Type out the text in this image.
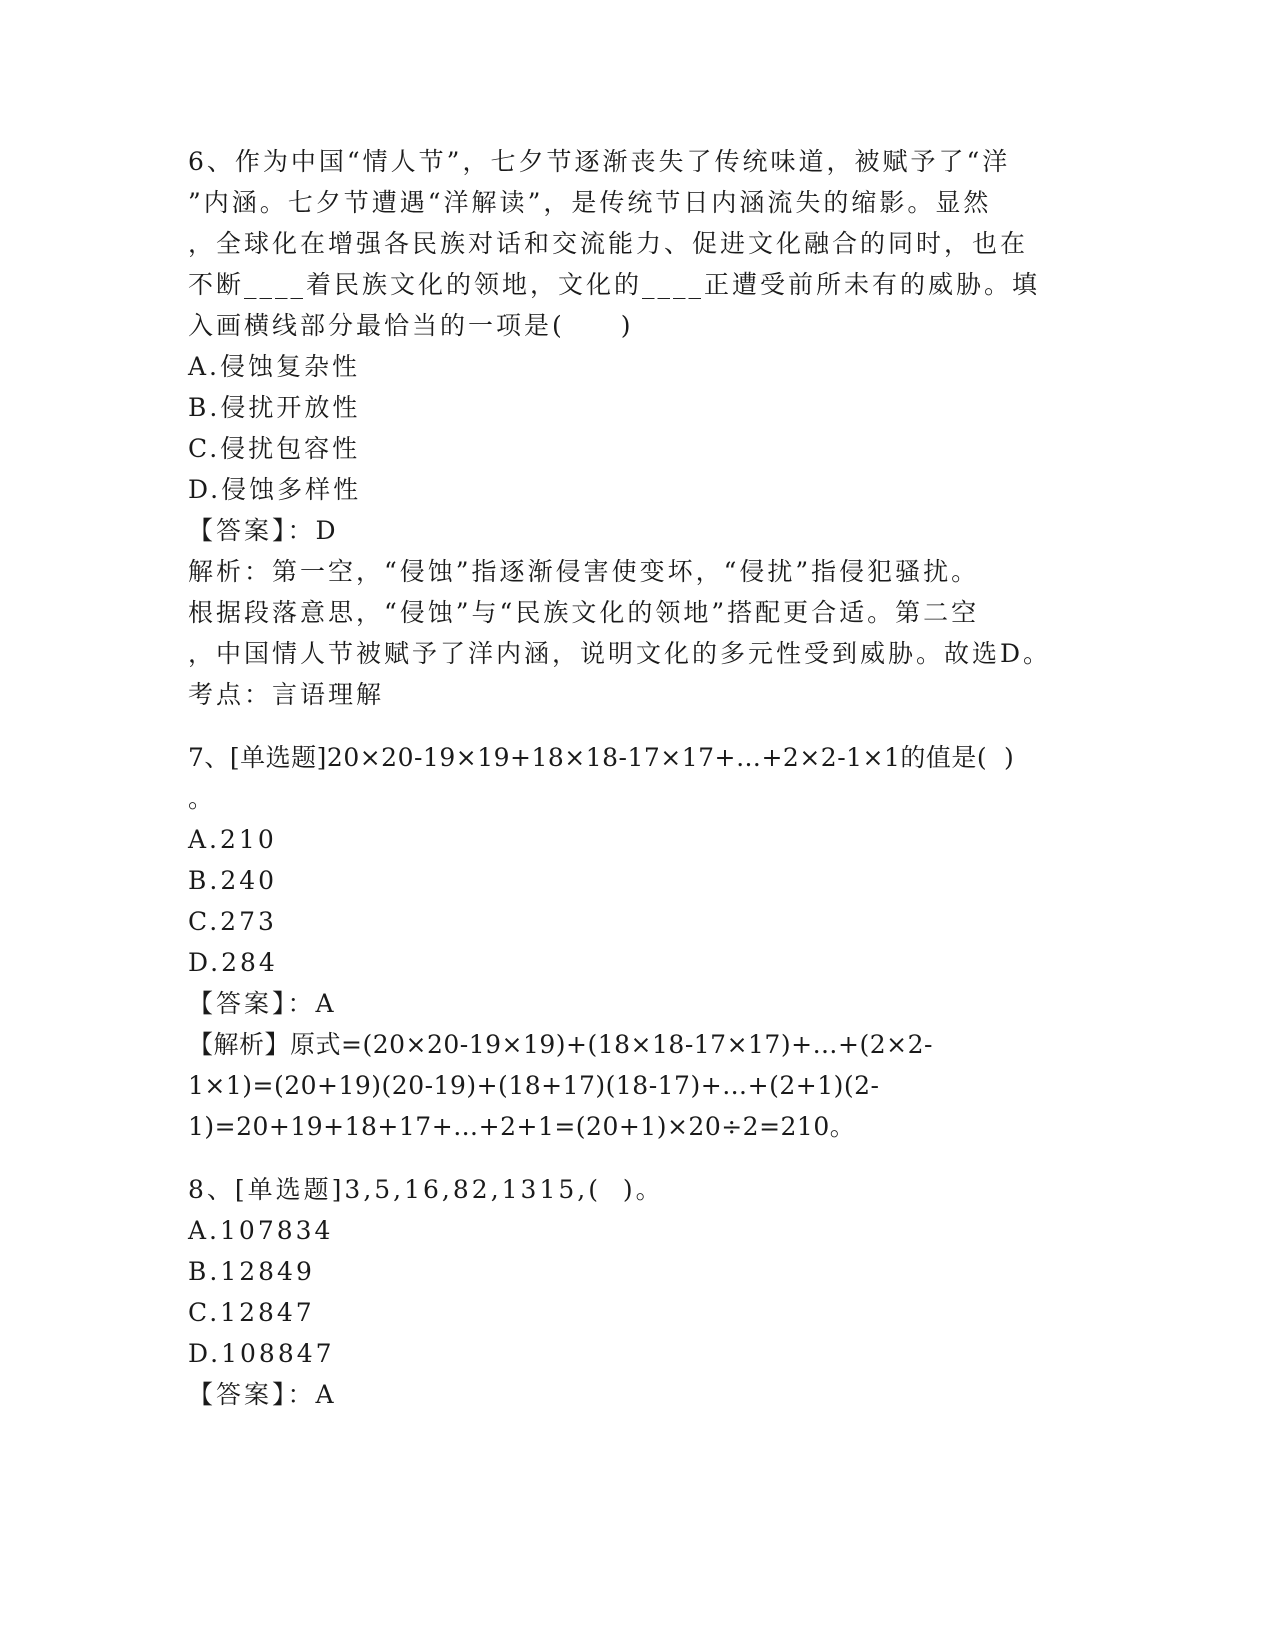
6、作为中国“情人节”，七夕节逐渐丧失了传统味道，被赋予了“洋
”内涵。七夕节遭遇“洋解读”，是传统节日内涵流失的缩影。显然
，全球化在增强各民族对话和交流能力、促进文化融合的同时，也在
不断____着民族文化的领地，文化的____正遭受前所未有的威胁。填
入画横线部分最恰当的一项是(　　)
A.侵蚀复杂性
B.侵扰开放性
C.侵扰包容性
D.侵蚀多样性
【答案】：D
解析：第一空，“侵蚀”指逐渐侵害使变坏，“侵扰”指侵犯骚扰。
根据段落意思，“侵蚀”与“民族文化的领地”搭配更合适。第二空
，中国情人节被赋予了洋内涵，说明文化的多元性受到威胁。故选D。
考点：言语理解
7、[单选题]20×20-19×19+18×18-17×17+…+2×2-1×1的值是(  )
。
A.210
B.240
C.273
D.284
【答案】：A
【解析】原式=(20×20-19×19)+(18×18-17×17)+…+(2×2-
1×1)=(20+19)(20-19)+(18+17)(18-17)+…+(2+1)(2-
1)=20+19+18+17+…+2+1=(20+1)×20÷2=210。
8、[单选题]3,5,16,82,1315,(  )。
A.107834
B.12849
C.12847
D.108847
【答案】：A
